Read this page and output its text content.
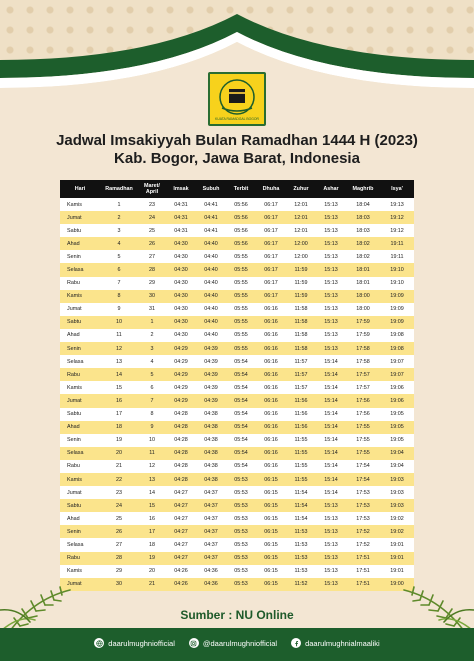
KUATA RAMADGAL BOGOR
Jadwal Imsakiyyah Bulan Ramadhan 1444 H (2023)
Kab. Bogor, Jawa Barat, Indonesia
Hari	Ramadhan	Maret/ April	Imsak	Subuh	Terbit	Dhuha	Zuhur	Ashar	Maghrib	Isya'
Kamis	1	23	04:31	04:41	05:56	06:17	12:01	15:13	18:04	19:13
Jumat	2	24	04:31	04:41	05:56	06:17	12:01	15:13	18:03	19:12
Sabtu	3	25	04:31	04:41	05:56	06:17	12:01	15:13	18:03	19:12
Ahad	4	26	04:30	04:40	05:56	06:17	12:00	15:13	18:02	19:11
Senin	5	27	04:30	04:40	05:55	06:17	12:00	15:13	18:02	19:11
Selasa	6	28	04:30	04:40	05:55	06:17	11:59	15:13	18:01	19:10
Rabu	7	29	04:30	04:40	05:55	06:17	11:59	15:13	18:01	19:10
Kamis	8	30	04:30	04:40	05:55	06:17	11:59	15:13	18:00	19:09
Jumat	9	31	04:30	04:40	05:55	06:16	11:58	15:13	18:00	19:09
Sabtu	10	1	04:30	04:40	05:55	06:16	11:58	15:13	17:59	19:09
Ahad	11	2	04:30	04:40	05:55	06:16	11:58	15:13	17:59	19:08
Senin	12	3	04:29	04:39	05:55	06:16	11:58	15:13	17:58	19:08
Selasa	13	4	04:29	04:39	05:54	06:16	11:57	15:14	17:58	19:07
Rabu	14	5	04:29	04:39	05:54	06:16	11:57	15:14	17:57	19:07
Kamis	15	6	04:29	04:39	05:54	06:16	11:57	15:14	17:57	19:06
Jumat	16	7	04:29	04:39	05:54	06:16	11:56	15:14	17:56	19:06
Sabtu	17	8	04:28	04:38	05:54	06:16	11:56	15:14	17:56	19:05
Ahad	18	9	04:28	04:38	05:54	06:16	11:56	15:14	17:55	19:05
Senin	19	10	04:28	04:38	05:54	06:16	11:55	15:14	17:55	19:05
Selasa	20	11	04:28	04:38	05:54	06:16	11:55	15:14	17:55	19:04
Rabu	21	12	04:28	04:38	05:54	06:16	11:55	15:14	17:54	19:04
Kamis	22	13	04:28	04:38	05:53	06:15	11:55	15:14	17:54	19:03
Jumat	23	14	04:27	04:37	05:53	06:15	11:54	15:14	17:53	19:03
Sabtu	24	15	04:27	04:37	05:53	06:15	11:54	15:13	17:53	19:03
Ahad	25	16	04:27	04:37	05:53	06:15	11:54	15:13	17:53	19:02
Senin	26	17	04:27	04:37	05:53	06:15	11:53	15:13	17:52	19:02
Selasa	27	18	04:27	04:37	05:53	06:15	11:53	15:13	17:52	19:01
Rabu	28	19	04:27	04:37	05:53	06:15	11:53	15:13	17:51	19:01
Kamis	29	20	04:26	04:36	05:53	06:15	11:53	15:13	17:51	19:01
Jumat	30	21	04:26	04:36	05:53	06:15	11:52	15:13	17:51	19:00
Sumber : NU Online
daarulmughniofficial	@daarulmughniofficial	daarulmughnialmaaliki
